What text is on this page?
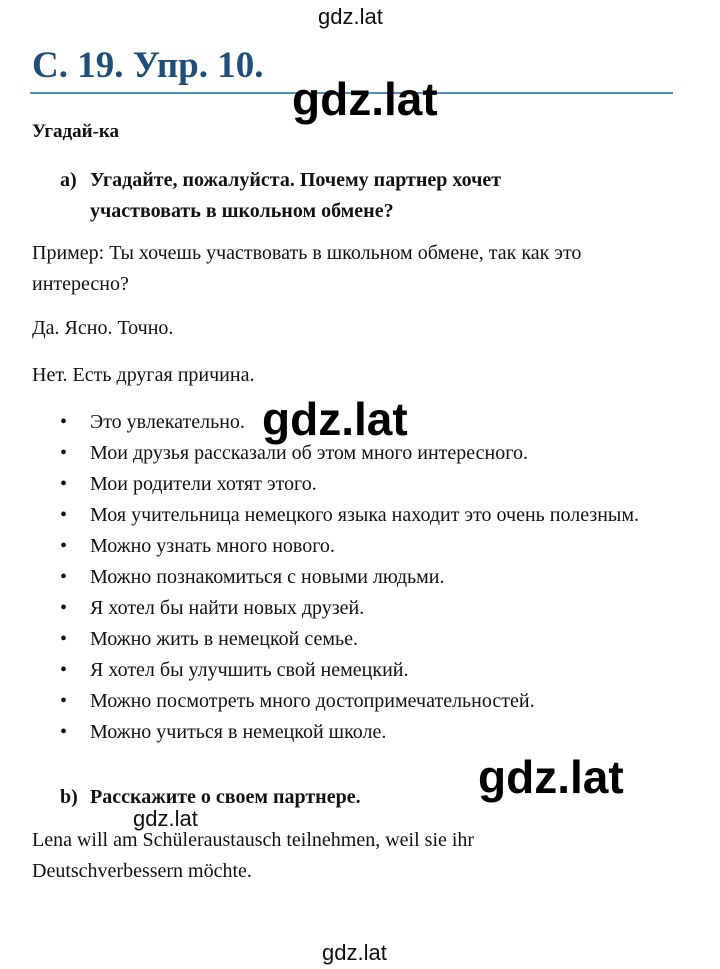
gdz.lat
gdz.lat
gdz.lat
gdz.lat
gdz.lat
gdz.lat
С. 19. Упр. 10.
Угадай-ка
a) Угадайте, пожалуйста. Почему партнер хочет участвовать в школьном обмене?
Пример: Ты хочешь участвовать в школьном обмене, так как это интересно?
Да. Ясно. Точно.
Нет. Есть другая причина.
• Это увлекательно.
• Мои друзья рассказали об этом много интересного.
• Мои родители хотят этого.
• Моя учительница немецкого языка находит это очень полезным.
• Можно узнать много нового.
• Можно познакомиться с новыми людьми.
• Я хотел бы найти новых друзей.
• Можно жить в немецкой семье.
• Я хотел бы улучшить свой немецкий.
• Можно посмотреть много достопримечательностей.
• Можно учиться в немецкой школе.
b) Расскажите о своем партнере.
Lena will am Schüleraustausch teilnehmen, weil sie ihr Deutschverbessern möchte.
